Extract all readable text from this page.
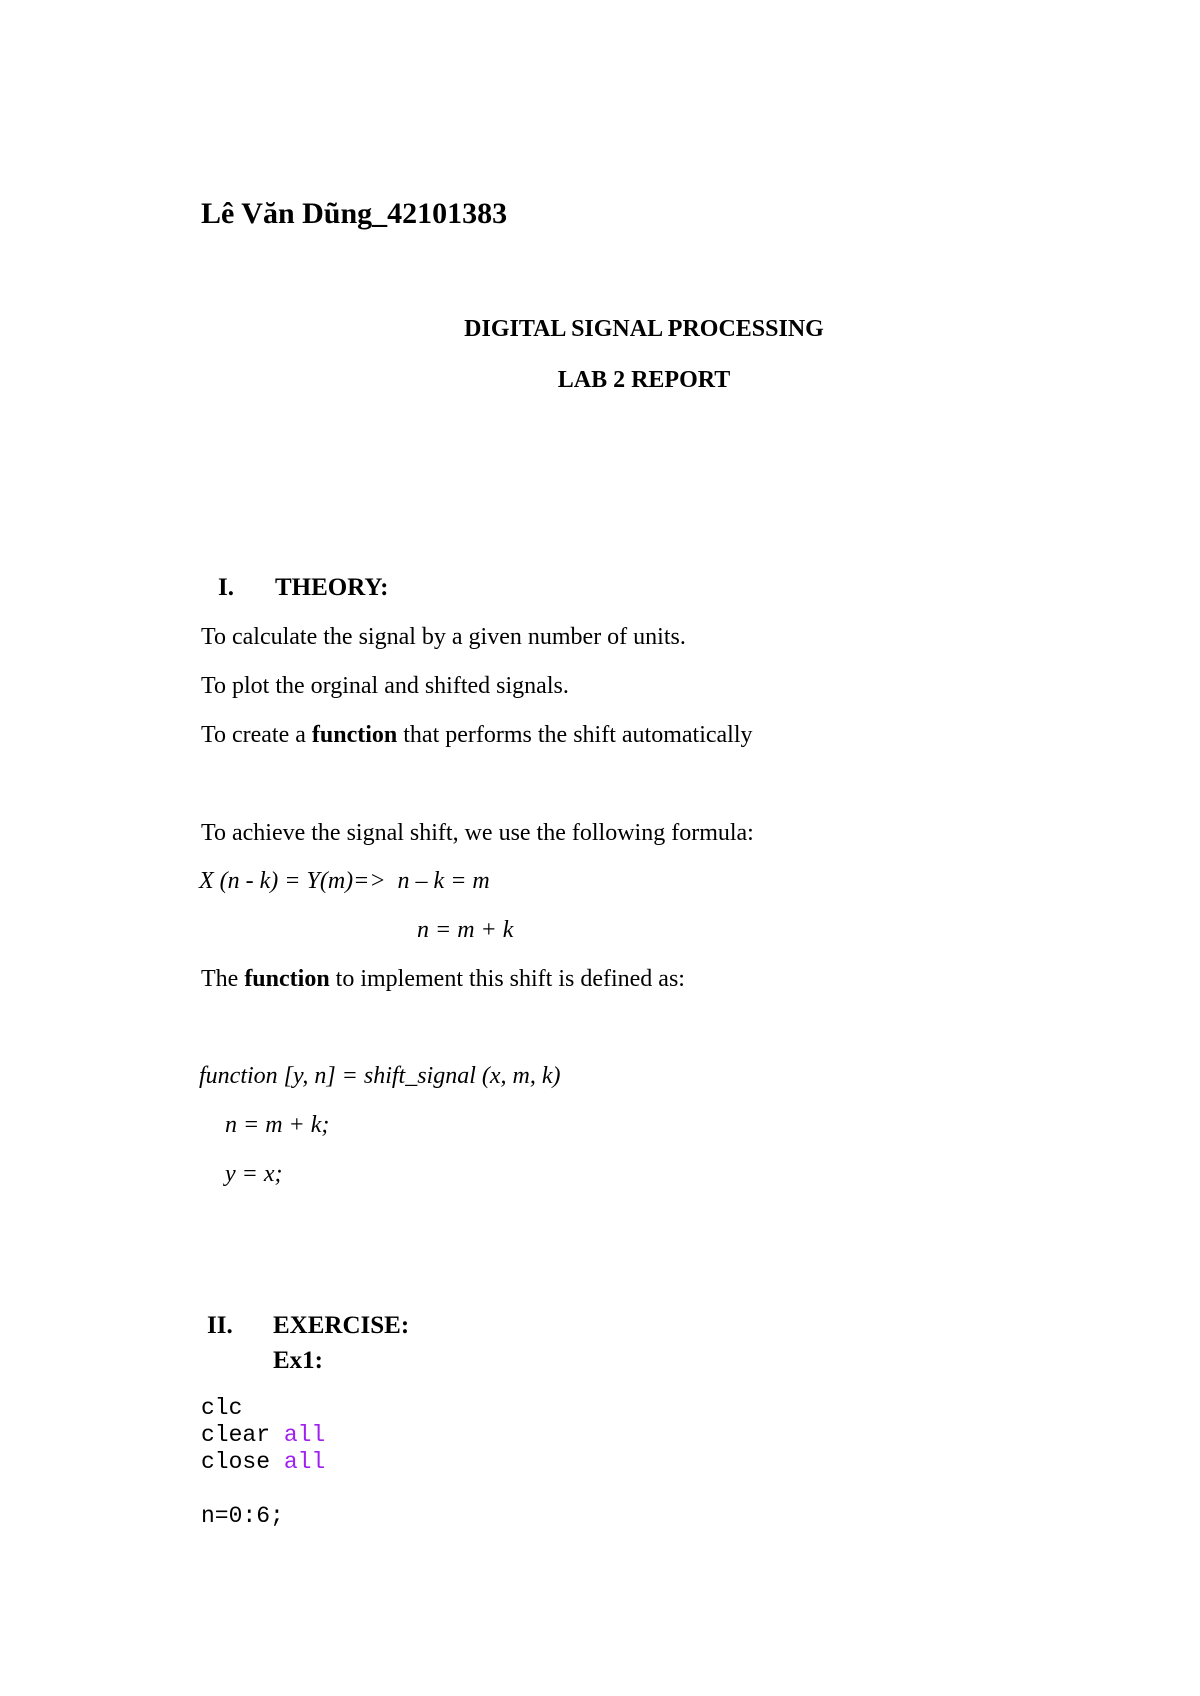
Lê Văn Dũng_42101383
DIGITAL SIGNAL PROCESSING
LAB 2 REPORT
I. THEORY:
To calculate the signal by a given number of units.
To plot the orginal and shifted signals.
To create a function that performs the shift automatically
To achieve the signal shift, we use the following formula:
X (n - k) = Y(m)=>  n – k = m
n = m + k
The function to implement this shift is defined as:
function [y, n] = shift_signal (x, m, k)
n = m + k;
y = x;
II. EXERCISE:
Ex1:
clc
clear all
close all
n=0:6;
